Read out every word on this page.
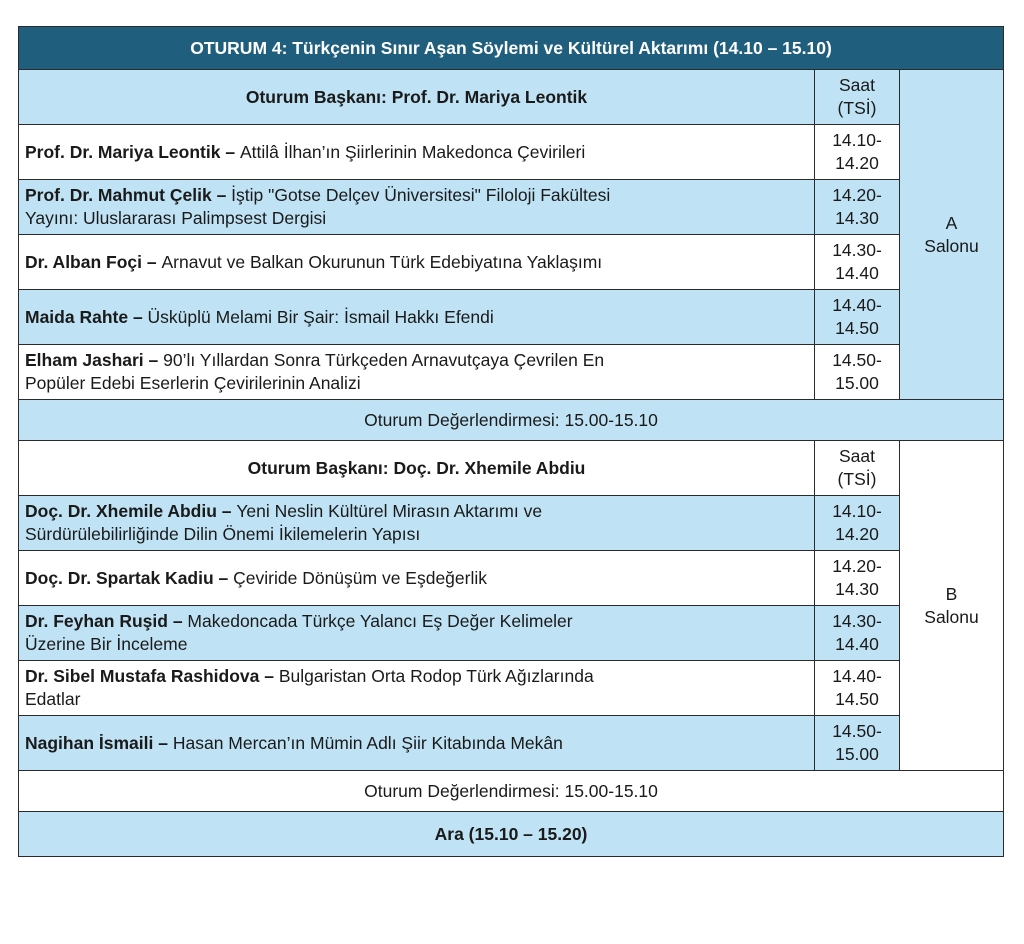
OTURUM 4: Türkçenin Sınır Aşan Söylemi ve Kültürel Aktarımı (14.10 – 15.10)		
Oturum Başkanı: Prof. Dr. Mariya Leontik	Saat
(TSİ)	A
Salonu

Prof. Dr. Mariya Leontik – Attilâ İlhan’ın Şiirlerinin Makedonca Çevirileri	14.10-
14.20	

Prof. Dr. Mahmut Çelik – İştip "Gotse Delçev Üniversitesi" Filoloji Fakültesi
Yayını: Uluslararası Palimpsest Dergisi	14.20-
14.30	

Dr. Alban Foçi – Arnavut ve Balkan Okurunun Türk Edebiyatına Yaklaşımı	14.30-
14.40	

Maida Rahte – Üsküplü Melami Bir Şair: İsmail Hakkı Efendi	14.40-
14.50	

Elham Jashari – 90’lı Yıllardan Sonra Türkçeden Arnavutçaya Çevrilen En
Popüler Edebi Eserlerin Çevirilerinin Analizi	14.50-
15.00	

Oturum Değerlendirmesi: 15.00-15.10		
Oturum Başkanı: Doç. Dr. Xhemile Abdiu	Saat
(TSİ)	B
Salonu

Doç. Dr. Xhemile Abdiu – Yeni Neslin Kültürel Mirasın Aktarımı ve
Sürdürülebilirliğinde Dilin Önemi İkilemelerin Yapısı	14.10-
14.20	

Doç. Dr. Spartak Kadiu – Çeviride Dönüşüm ve Eşdeğerlik	14.20-
14.30	

Dr. Feyhan Ruşid – Makedoncada Türkçe Yalancı Eş Değer Kelimeler
Üzerine Bir İnceleme	14.30-
14.40	

Dr. Sibel Mustafa Rashidova – Bulgaristan Orta Rodop Türk Ağızlarında
Edatlar	14.40-
14.50	

Nagihan İsmaili – Hasan Mercan’ın Mümin Adlı Şiir Kitabında Mekân	14.50-
15.00	

Oturum Değerlendirmesi: 15.00-15.10		
Ara (15.10 – 15.20)		
